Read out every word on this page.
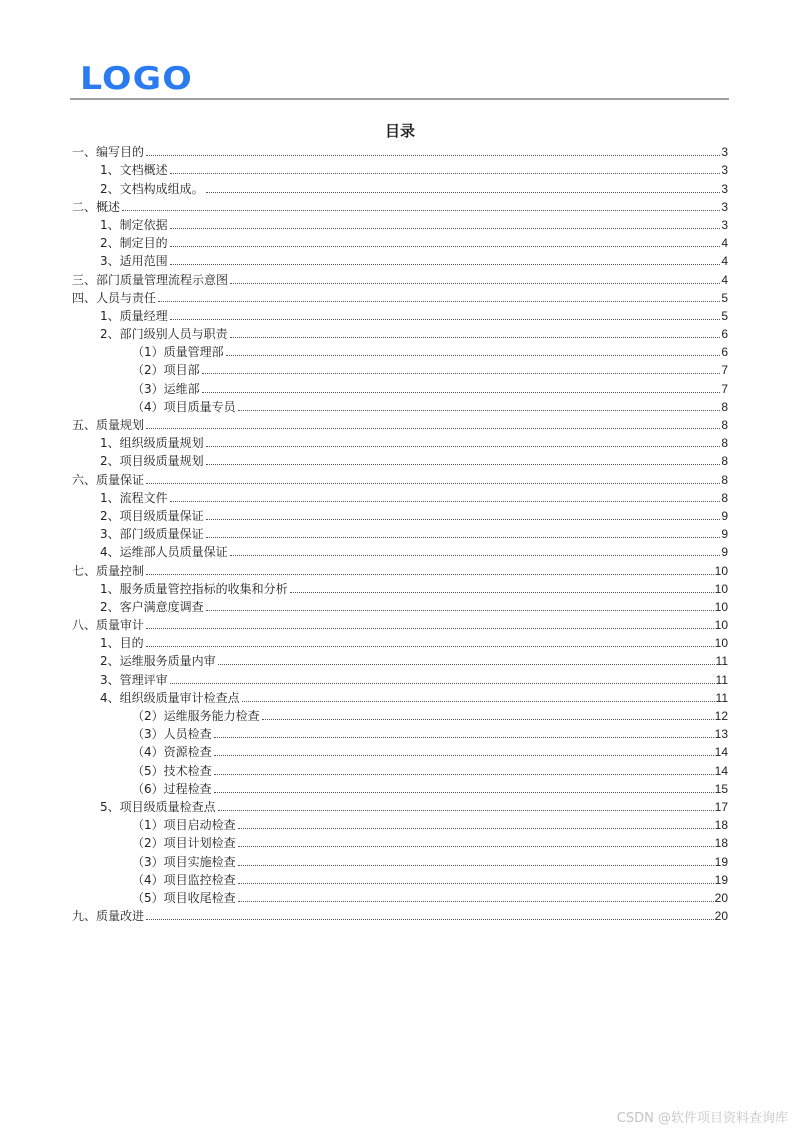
LOGO
目录
一、编写目的	3
1、文档概述	3
2、文档构成组成。	3
二、概述	3
1、制定依据	3
2、制定目的	4
3、适用范围	4
三、部门质量管理流程示意图	4
四、人员与责任	5
1、质量经理	5
2、部门级别人员与职责	6
（1）质量管理部	6
（2）项目部	7
（3）运维部	7
（4）项目质量专员	8
五、质量规划	8
1、组织级质量规划	8
2、项目级质量规划	8
六、质量保证	8
1、流程文件	8
2、项目级质量保证	9
3、部门级质量保证	9
4、运维部人员质量保证	9
七、质量控制	10
1、服务质量管控指标的收集和分析	10
2、客户满意度调查	10
八、质量审计	10
1、目的	10
2、运维服务质量内审	11
3、管理评审	11
4、组织级质量审计检查点	11
（2）运维服务能力检查	12
（3）人员检查	13
（4）资源检查	14
（5）技术检查	14
（6）过程检查	15
5、项目级质量检查点	17
（1）项目启动检查	18
（2）项目计划检查	18
（3）项目实施检查	19
（4）项目监控检查	19
（5）项目收尾检查	20
九、质量改进	20
CSDN @软件项目资料查询库
